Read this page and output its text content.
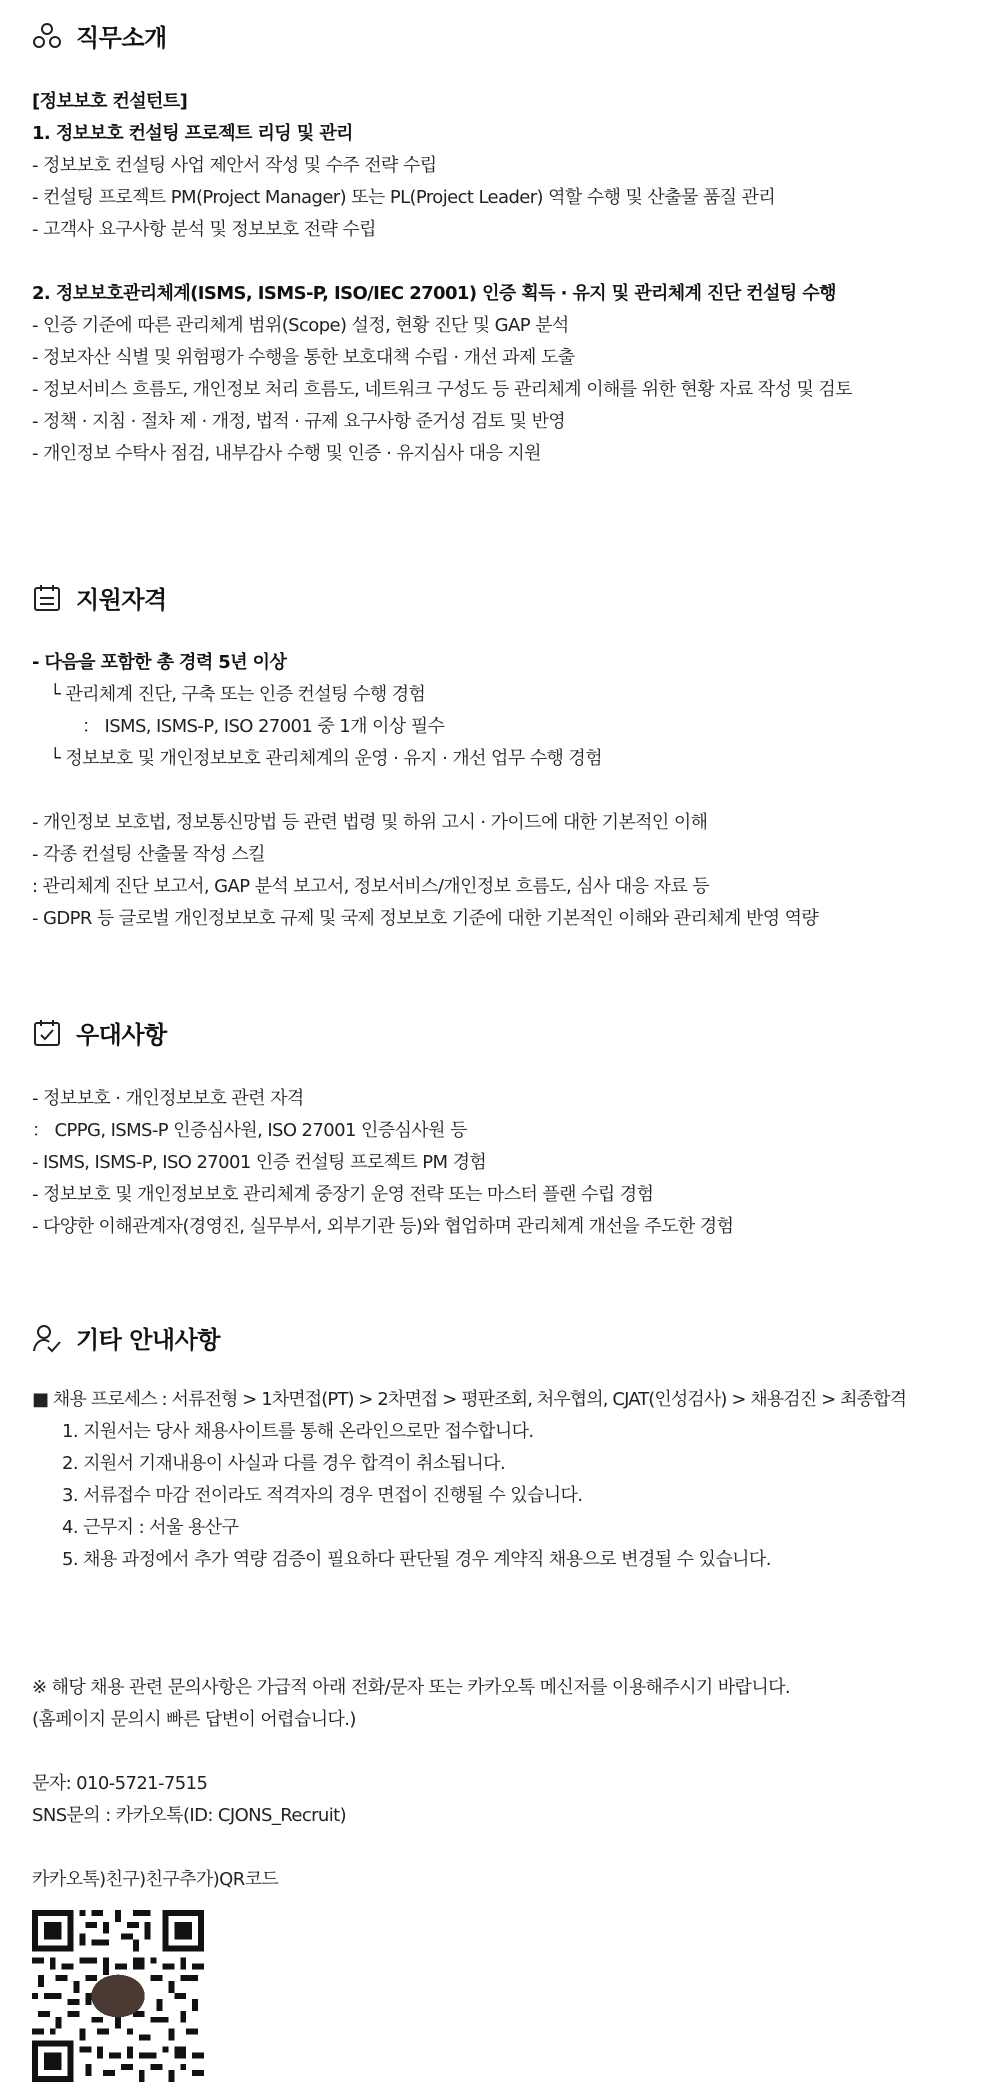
직무소개
[정보보호 컨설턴트]
1. 정보보호 컨설팅 프로젝트 리딩 및 관리
- 정보보호 컨설팅 사업 제안서 작성 및 수주 전략 수립
- 컨설팅 프로젝트 PM(Project Manager) 또는 PL(Project Leader) 역할 수행 및 산출물 품질 관리
- 고객사 요구사항 분석 및 정보보호 전략 수립
2. 정보보호관리체계(ISMS, ISMS-P, ISO/IEC 27001) 인증 획득 · 유지 및 관리체계 진단 컨설팅 수행
- 인증 기준에 따른 관리체계 범위(Scope) 설정, 현황 진단 및 GAP 분석
- 정보자산 식별 및 위험평가 수행을 통한 보호대책 수립 · 개선 과제 도출
- 정보서비스 흐름도, 개인정보 처리 흐름도, 네트워크 구성도 등 관리체계 이해를 위한 현황 자료 작성 및 검토
- 정책 · 지침 · 절차 제 · 개정, 법적 · 규제 요구사항 준거성 검토 및 반영
- 개인정보 수탁사 점검, 내부감사 수행 및 인증 · 유지심사 대응 지원
지원자격
- 다음을 포함한 총 경력 5년 이상
└ 관리체계 진단, 구축 또는 인증 컨설팅 수행 경험
： ISMS, ISMS-P, ISO 27001 중 1개 이상 필수
└ 정보보호 및 개인정보보호 관리체계의 운영 · 유지 · 개선 업무 수행 경험
- 개인정보 보호법, 정보통신망법 등 관련 법령 및 하위 고시 · 가이드에 대한 기본적인 이해
- 각종 컨설팅 산출물 작성 스킬
: 관리체계 진단 보고서, GAP 분석 보고서, 정보서비스/개인정보 흐름도, 심사 대응 자료 등
- GDPR 등 글로벌 개인정보보호 규제 및 국제 정보보호 기준에 대한 기본적인 이해와 관리체계 반영 역량
우대사항
- 정보보호 · 개인정보보호 관련 자격
： CPPG, ISMS-P 인증심사원, ISO 27001 인증심사원 등
- ISMS, ISMS-P, ISO 27001 인증 컨설팅 프로젝트 PM 경험
- 정보보호 및 개인정보보호 관리체계 중장기 운영 전략 또는 마스터 플랜 수립 경험
- 다양한 이해관계자(경영진, 실무부서, 외부기관 등)와 협업하며 관리체계 개선을 주도한 경험
기타 안내사항
■ 채용 프로세스 : 서류전형 > 1차면접(PT) > 2차면접 > 평판조회, 처우협의, CJAT(인성검사) > 채용검진 > 최종합격
1. 지원서는 당사 채용사이트를 통해 온라인으로만 접수합니다.
2. 지원서 기재내용이 사실과 다를 경우 합격이 취소됩니다.
3. 서류접수 마감 전이라도 적격자의 경우 면접이 진행될 수 있습니다.
4. 근무지 : 서울 용산구
5. 채용 과정에서 추가 역량 검증이 필요하다 판단될 경우 계약직 채용으로 변경될 수 있습니다.
※ 해당 채용 관련 문의사항은 가급적 아래 전화/문자 또는 카카오톡 메신저를 이용해주시기 바랍니다.
(홈페이지 문의시 빠른 답변이 어렵습니다.)
문자: 010-5721-7515
SNS문의 : 카카오톡(ID: CJONS_Recruit)
카카오톡)친구)친구추가)QR코드
